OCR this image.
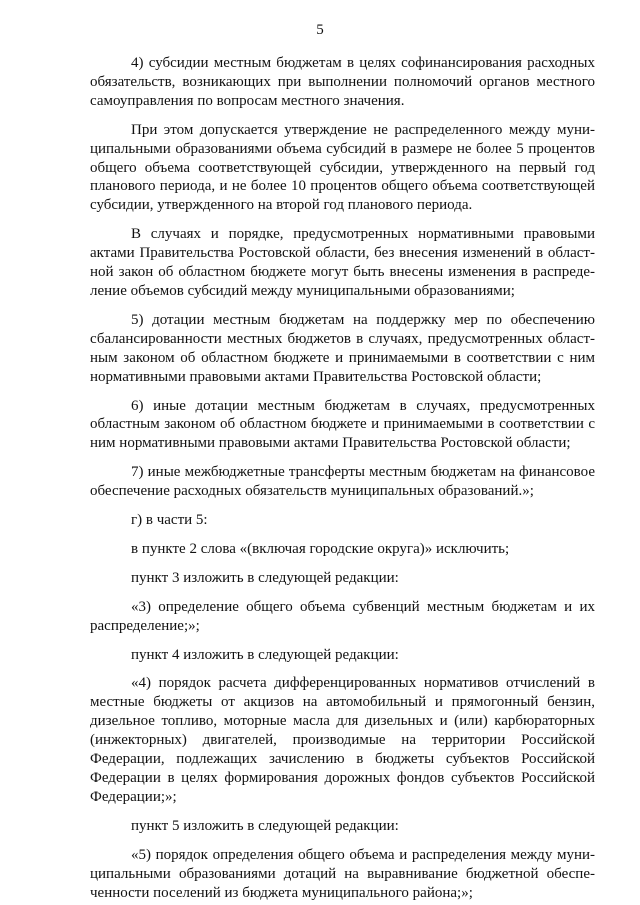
5

4) субсидии местным бюджетам в целях софинансирования расходных обязательств, возникающих при выполнении полномочий органов местного самоуправления по вопросам местного значения.

При этом допускается утверждение не распределенного между муниципальными образованиями объема субсидий в размере не более 5 процентов общего объема соответствующей субсидии, утвержденного на первый год планового периода, и не более 10 процентов общего объема соответствующей субсидии, утвержденного на второй год планового периода.

В случаях и порядке, предусмотренных нормативными правовыми актами Правительства Ростовской области, без внесения изменений в областной закон об областном бюджете могут быть внесены изменения в распределение объемов субсидий между муниципальными образованиями;

5) дотации местным бюджетам на поддержку мер по обеспечению сбалансированности местных бюджетов в случаях, предусмотренных областным законом об областном бюджете и принимаемыми в соответствии с ним нормативными правовыми актами Правительства Ростовской области;

6) иные дотации местным бюджетам в случаях, предусмотренных областным законом об областном бюджете и принимаемыми в соответствии с ним нормативными правовыми актами Правительства Ростовской области;

7) иные межбюджетные трансферты местным бюджетам на финансовое обеспечение расходных обязательств муниципальных образований.»;

г) в части 5:

в пункте 2 слова «(включая городские округа)» исключить;

пункт 3 изложить в следующей редакции:

«3) определение общего объема субвенций местным бюджетам и их распределение;»;

пункт 4 изложить в следующей редакции:

«4) порядок расчета дифференцированных нормативов отчислений в местные бюджеты от акцизов на автомобильный и прямогонный бензин, дизельное топливо, моторные масла для дизельных и (или) карбюраторных (инжекторных) двигателей, производимые на территории Российской Федерации, подлежащих зачислению в бюджеты субъектов Российской Федерации в целях формирования дорожных фондов субъектов Российской Федерации;»;

пункт 5 изложить в следующей редакции:

«5) порядок определения общего объема и распределения между муниципальными образованиями дотаций на выравнивание бюджетной обеспеченности поселений из бюджета муниципального района;»;
